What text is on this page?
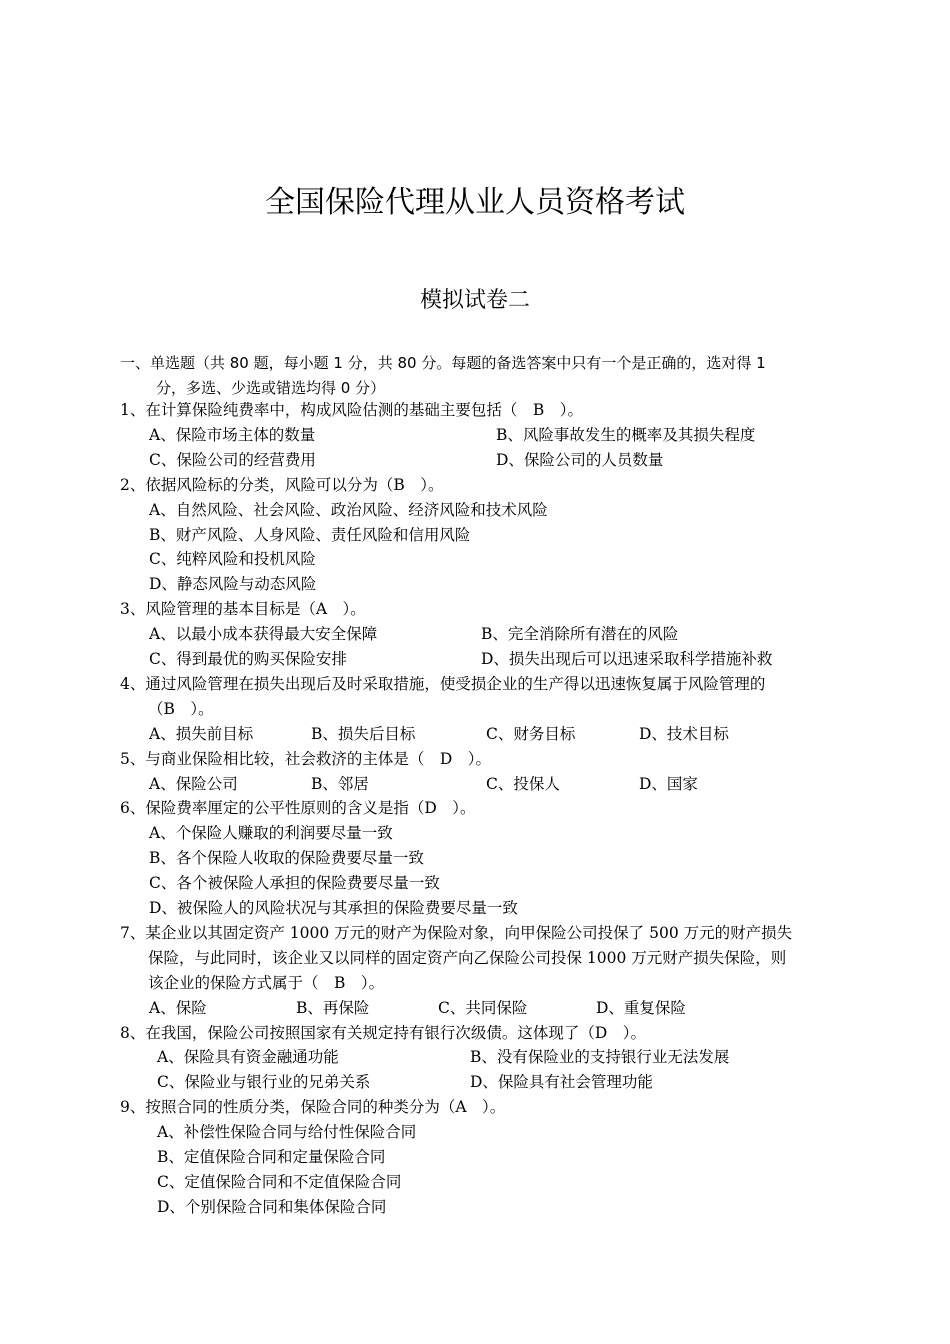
全国保险代理从业人员资格考试
模拟试卷二
一、单选题（共 80 题，每小题 1 分，共 80 分。每题的备选答案中只有一个是正确的，选对得 1
分，多选、少选或错选均得 0 分）
1、在计算保险纯费率中，构成风险估测的基础主要包括（　B　）。
A、保险市场主体的数量	B、风险事故发生的概率及其损失程度
C、保险公司的经营费用	D、保险公司的人员数量
2、依据风险标的分类，风险可以分为（B　）。
A、自然风险、社会风险、政治风险、经济风险和技术风险
B、财产风险、人身风险、责任风险和信用风险
C、纯粹风险和投机风险
D、静态风险与动态风险
3、风险管理的基本目标是（A　）。
A、以最小成本获得最大安全保障	B、完全消除所有潜在的风险
C、得到最优的购买保险安排	D、损失出现后可以迅速采取科学措施补救
4、通过风险管理在损失出现后及时采取措施，使受损企业的生产得以迅速恢复属于风险管理的
（B　）。
A、损失前目标	B、损失后目标	C、财务目标	D、技术目标
5、与商业保险相比较，社会救济的主体是（　D　）。
A、保险公司	B、邻居	C、投保人	D、国家
6、保险费率厘定的公平性原则的含义是指（D　）。
A、个保险人赚取的利润要尽量一致
B、各个保险人收取的保险费要尽量一致
C、各个被保险人承担的保险费要尽量一致
D、被保险人的风险状况与其承担的保险费要尽量一致
7、某企业以其固定资产 1000 万元的财产为保险对象，向甲保险公司投保了 500 万元的财产损失
保险，与此同时，该企业又以同样的固定资产向乙保险公司投保 1000 万元财产损失保险，则
该企业的保险方式属于（　B　）。
A、保险	B、再保险	C、共同保险	D、重复保险
8、在我国，保险公司按照国家有关规定持有银行次级债。这体现了（D　）。
A、保险具有资金融通功能	B、没有保险业的支持银行业无法发展
C、保险业与银行业的兄弟关系	D、保险具有社会管理功能
9、按照合同的性质分类，保险合同的种类分为（A　）。
A、补偿性保险合同与给付性保险合同
B、定值保险合同和定量保险合同
C、定值保险合同和不定值保险合同
D、个别保险合同和集体保险合同
